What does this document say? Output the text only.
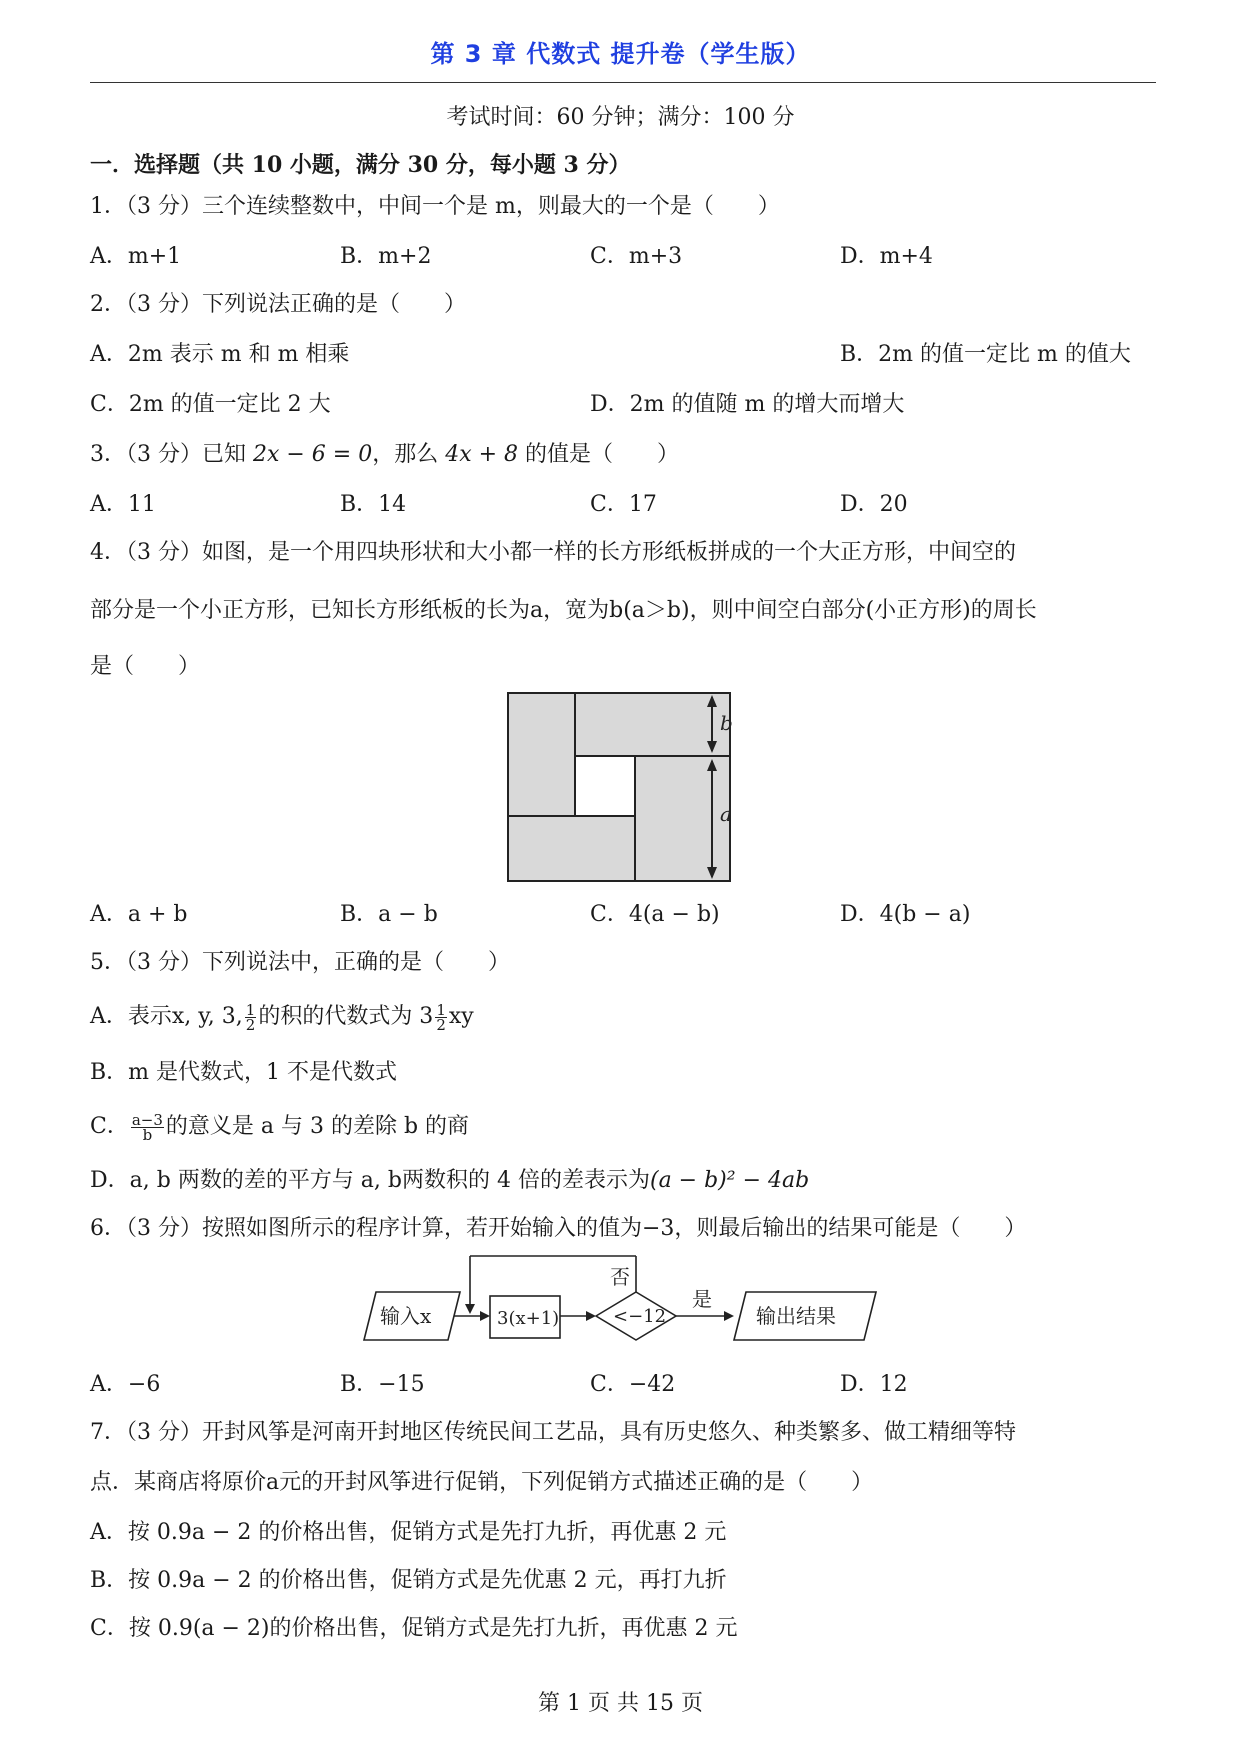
第 3 章 代数式 提升卷（学生版）
考试时间：60 分钟；满分：100 分
一．选择题（共 10 小题，满分 30 分，每小题 3 分）
1．（3 分）三个连续整数中，中间一个是 m，则最大的一个是（　　）
A．m+1	B．m+2	C．m+3	D．m+4
2．（3 分）下列说法正确的是（　　）
A．2m 表示 m 和 m 相乘	B．2m 的值一定比 m 的值大
C．2m 的值一定比 2 大	D．2m 的值随 m 的增大而增大
3．（3 分）已知 2x − 6 = 0，那么 4x + 8 的值是（　　）
A．11	B．14	C．17	D．20
4．（3 分）如图，是一个用四块形状和大小都一样的长方形纸板拼成的一个大正方形，中间空的
部分是一个小正方形，已知长方形纸板的长为a，宽为b(a＞b)，则中间空白部分(小正方形)的周长
是（　　）
b
a
A．a + b	B．a − b	C．4(a − b)	D．4(b − a)
5．（3 分）下列说法中，正确的是（　　）
A．表示x, y, 3, $\frac{1}{2}$ 的积的代数式为 $3 \frac{1}{2}$ xy
B．m 是代数式，1 不是代数式
C． $\frac{a-3}{b}$ 的意义是 a 与 3 的差除 b 的商
D．a, b 两数的差的平方与 a, b两数积的 4 倍的差表示为(a − b)² − 4ab
6．（3 分）按照如图所示的程序计算，若开始输入的值为−3，则最后输出的结果可能是（　　）
输入x	3(x+1)	<−12
否
是
输出结果
A．−6	B．−15	C．−42	D．12
7．（3 分）开封风筝是河南开封地区传统民间工艺品，具有历史悠久、种类繁多、做工精细等特
点．某商店将原价a元的开封风筝进行促销，下列促销方式描述正确的是（　　）
A．按 0.9a − 2 的价格出售，促销方式是先打九折，再优惠 2 元
B．按 0.9a − 2 的价格出售，促销方式是先优惠 2 元，再打九折
C．按 0.9(a − 2)的价格出售，促销方式是先打九折，再优惠 2 元
第 1 页 共 15 页
